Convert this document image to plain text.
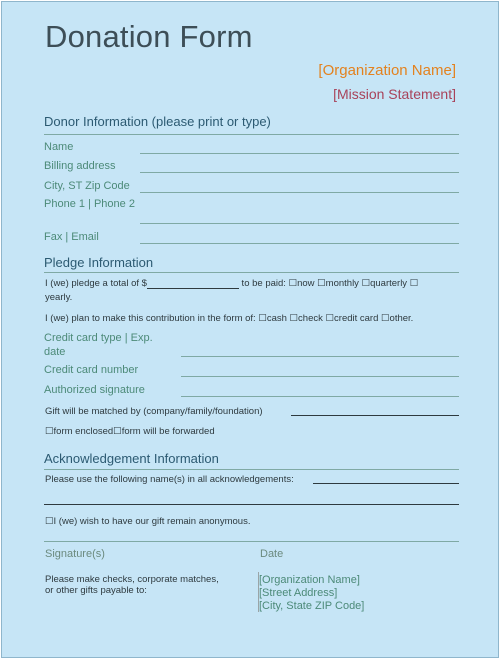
Donation Form
[Organization Name]
[Mission Statement]
Donor Information (please print or type)
Name
Billing address
City, ST Zip Code
Phone 1 | Phone 2
Fax | Email
Pledge Information
I (we) pledge a total of $	to be paid: ☐now ☐monthly ☐quarterly ☐
yearly.
I (we) plan to make this contribution in the form of: ☐cash ☐check ☐credit card ☐other.
Credit card type | Exp. date
Credit card number
Authorized signature
Gift will be matched by (company/family/foundation)
☐form enclosed☐form will be forwarded
Acknowledgement Information
Please use the following name(s) in all acknowledgements:
☐I (we) wish to have our gift remain anonymous.
Signature(s)	Date
Please make checks, corporate matches,
or other gifts payable to:
[Organization Name]
[Street Address]
[City, State ZIP Code]
